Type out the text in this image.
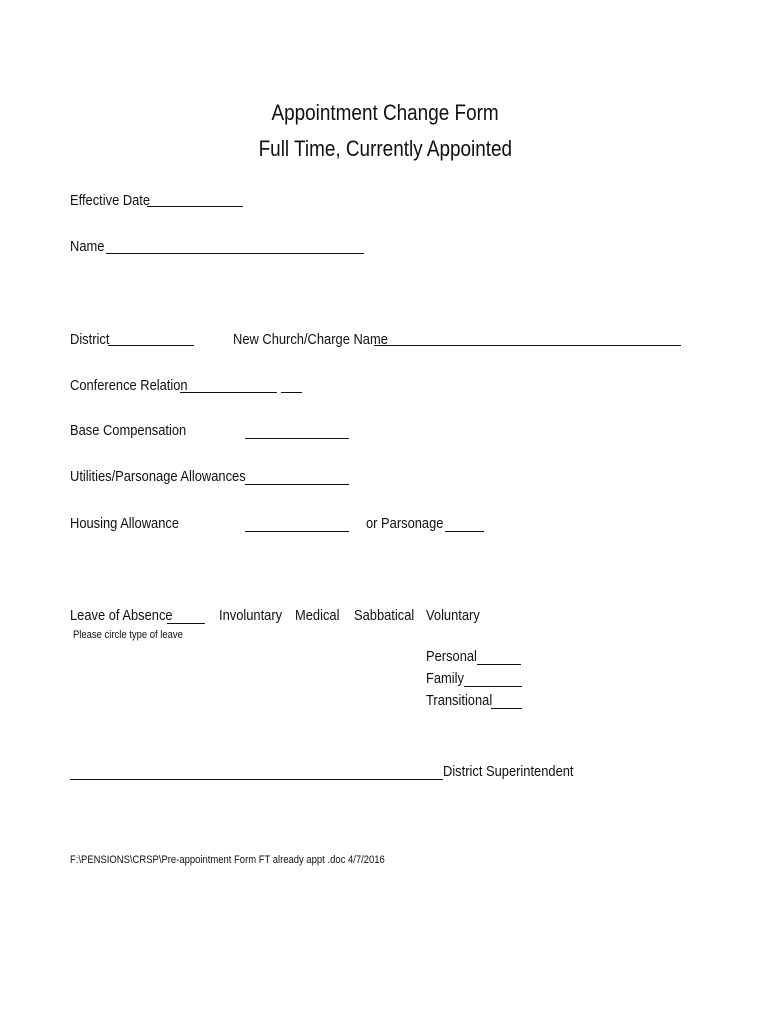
Appointment Change Form
Full Time, Currently Appointed
Effective Date
Name
District	New Church/Charge Name
Conference Relation
Base Compensation
Utilities/Parsonage Allowances
Housing Allowance	or Parsonage
Leave of Absence
Please circle type of leave
Involuntary Medical Sabbatical Voluntary
Personal
Family
Transitional
District Superintendent
F:\PENSIONS\CRSP\Pre-appointment Form FT already appt .doc 4/7/2016
